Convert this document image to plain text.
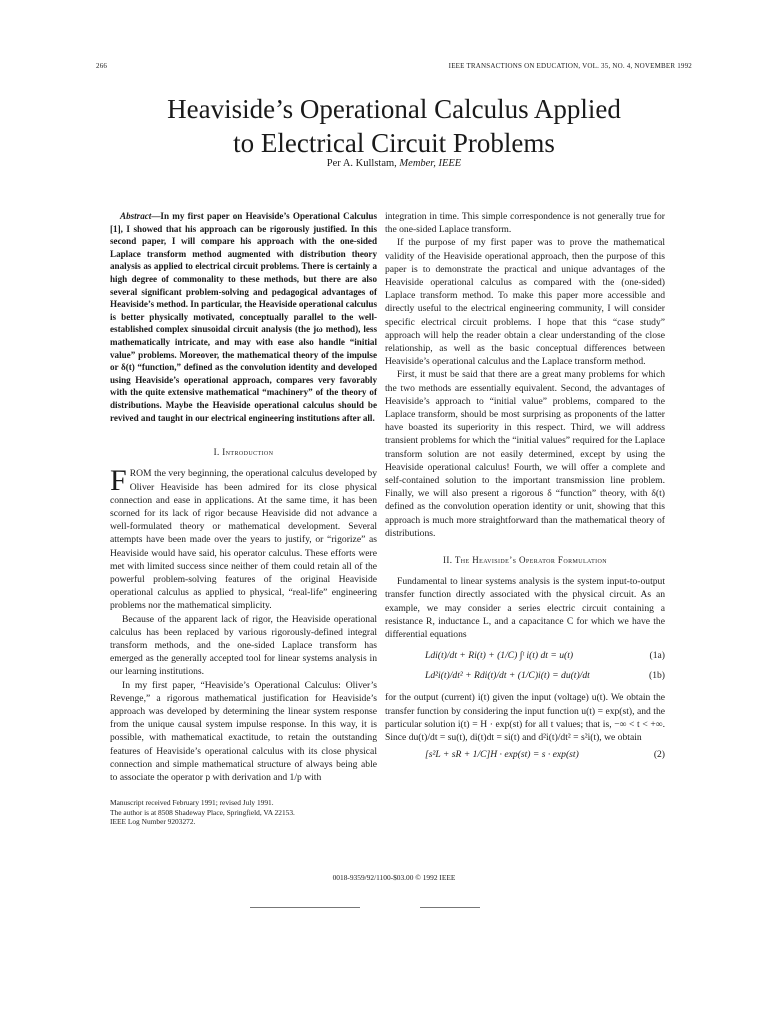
266	IEEE TRANSACTIONS ON EDUCATION, VOL. 35, NO. 4, NOVEMBER 1992
Heaviside’s Operational Calculus Applied
to Electrical Circuit Problems
Per A. Kullstam, Member, IEEE

Abstract—In my first paper on Heaviside’s Operational Calculus [1], I showed that his approach can be rigorously justified. In this second paper, I will compare his approach with the one-sided Laplace transform method augmented with distribution theory analysis as applied to electrical circuit problems. There is certainly a high degree of commonality to these methods, but there are also several significant problem-solving and pedagogical advantages of Heaviside’s method. In particular, the Heaviside operational calculus is better physically motivated, conceptually parallel to the well-established complex sinusoidal circuit analysis (the jω method), less mathematically intricate, and may with ease also handle “initial value” problems. Moreover, the mathematical theory of the impulse or δ(t) “function,” defined as the convolution identity and developed using Heaviside’s operational approach, compares very favorably with the quite extensive mathematical “machinery” of the theory of distributions. Maybe the Heaviside operational calculus should be revived and taught in our electrical engineering institutions after all.

I. Introduction

FROM the very beginning, the operational calculus developed by Oliver Heaviside has been admired for its close physical connection and ease in applications. At the same time, it has been scorned for its lack of rigor because Heaviside did not advance a well-formulated theory or mathematical development. Several attempts have been made over the years to justify, or “rigorize” as Heaviside would have said, his operator calculus. These efforts were met with limited success since neither of them could retain all of the powerful problem-solving features of the original Heaviside operational calculus as applied to physical, “real-life” engineering problems nor the mathematical simplicity.

Because of the apparent lack of rigor, the Heaviside operational calculus has been replaced by various rigorously-defined integral transform methods, and the one-sided Laplace transform has emerged as the generally accepted tool for linear systems analysis in our learning institutions.

In my first paper, “Heaviside’s Operational Calculus: Oliver’s Revenge,” a rigorous mathematical justification for Heaviside’s approach was developed by determining the linear system response from the unique causal system impulse response. In this way, it is possible, with mathematical exactitude, to retain the outstanding features of Heaviside’s operational calculus with its close physical connection and simple mathematical structure of always being able to associate the operator p with derivation and 1/p with

Manuscript received February 1991; revised July 1991.
The author is at 8508 Shadeway Place, Springfield, VA 22153.
IEEE Log Number 9203272.

integration in time. This simple correspondence is not generally true for the one-sided Laplace transform.

If the purpose of my first paper was to prove the mathematical validity of the Heaviside operational approach, then the purpose of this paper is to demonstrate the practical and unique advantages of the Heaviside operational calculus as compared with the (one-sided) Laplace transform method. To make this paper more accessible and directly useful to the electrical engineering community, I will consider specific electrical circuit problems. I hope that this “case study” approach will help the reader obtain a clear understanding of the close relationship, as well as the basic conceptual differences between Heaviside’s operational calculus and the Laplace transform method.

First, it must be said that there are a great many problems for which the two methods are essentially equivalent. Second, the advantages of Heaviside’s approach to “initial value” problems, compared to the Laplace transform, should be most surprising as proponents of the latter have boasted its superiority in this respect. Third, we will address transient problems for which the “initial values” required for the Laplace transform solution are not easily determined, except by using the Heaviside operational calculus! Fourth, we will offer a complete and self-contained solution to the important transmission line problem. Finally, we will also present a rigorous δ “function” theory, with δ(t) defined as the convolution operation identity or unit, showing that this approach is much more straightforward than the mathematical theory of distributions.

II. The Heaviside’s Operator Formulation

Fundamental to linear systems analysis is the system input-to-output transfer function directly associated with the physical circuit. As an example, we may consider a series electric circuit containing a resistance R, inductance L, and a capacitance C for which we have the differential equations

Ldi(t)/dt + Ri(t) + (1/C) ∫ᵗ i(t) dt = u(t)	(1a)
Ld²i(t)/dt² + Rdi(t)/dt + (1/C)i(t) = du(t)/dt	(1b)

for the output (current) i(t) given the input (voltage) u(t). We obtain the transfer function by considering the input function u(t) = exp(st), and the particular solution i(t) = H · exp(st) for all t values; that is, −∞ < t < +∞. Since du(t)/dt = su(t), di(t)dt = si(t) and d²i(t)/dt² = s²i(t), we obtain

[s²L + sR + 1/C]H · exp(st) = s · exp(st)	(2)
0018-9359/92/1100-$03.00 © 1992 IEEE
